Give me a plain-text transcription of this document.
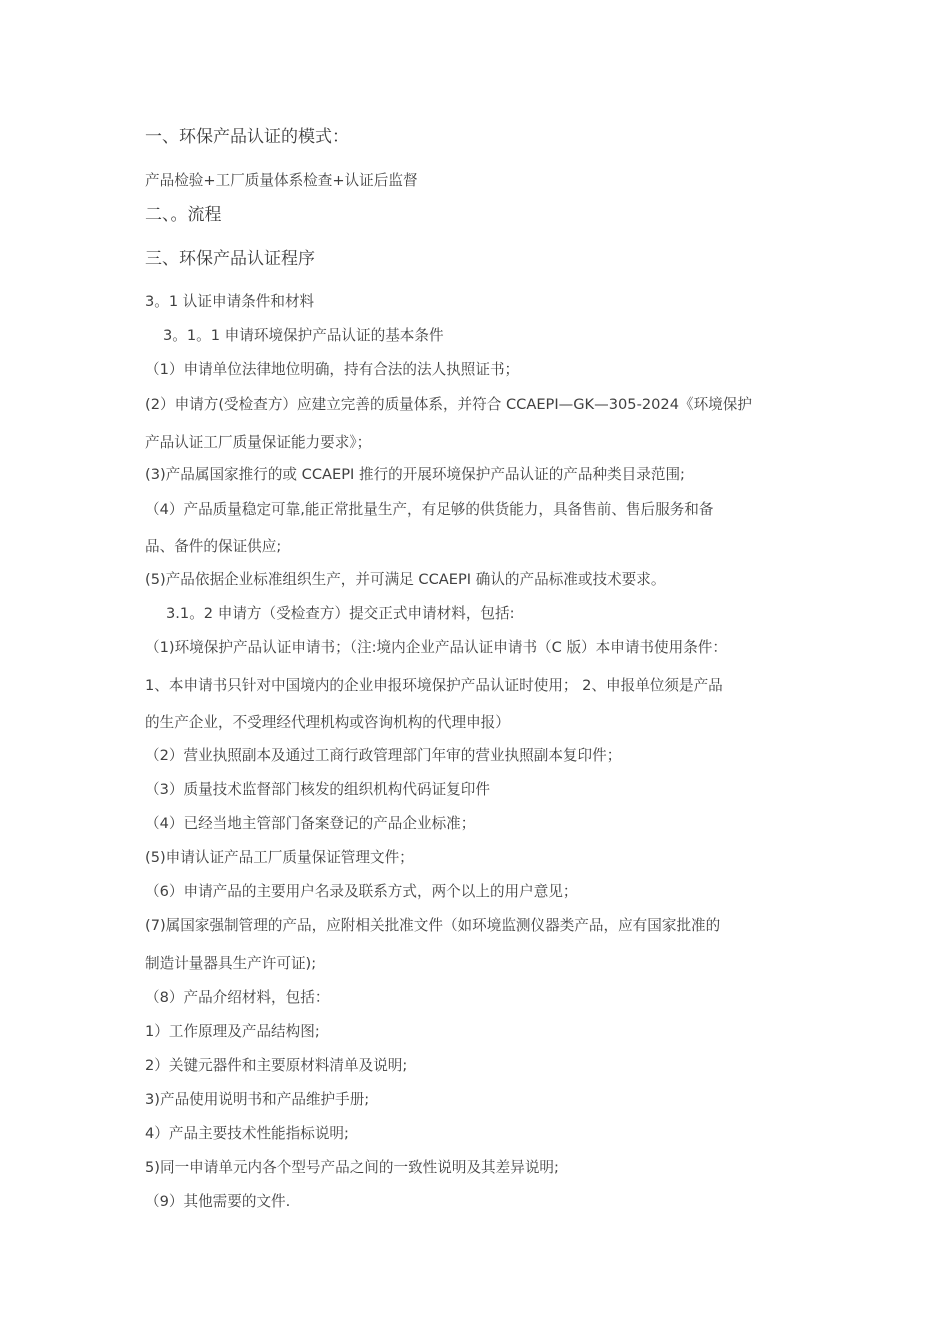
一、环保产品认证的模式：
产品检验+工厂质量体系检查+认证后监督
二、。流程
三、环保产品认证程序
3。1 认证申请条件和材料
3。1。1 申请环境保护产品认证的基本条件
（1）申请单位法律地位明确，持有合法的法人执照证书；
(2）申请方(受检查方）应建立完善的质量体系，并符合 CCAEPI—GK—305-2024《环境保护
产品认证工厂质量保证能力要求》；
(3)产品属国家推行的或 CCAEPI 推行的开展环境保护产品认证的产品种类目录范围;
（4）产品质量稳定可靠,能正常批量生产，有足够的供货能力，具备售前、售后服务和备
品、备件的保证供应;
(5)产品依据企业标准组织生产，并可满足 CCAEPI 确认的产品标准或技术要求。
3.1。2 申请方（受检查方）提交正式申请材料，包括:
（1)环境保护产品认证申请书；（注:境内企业产品认证申请书（C 版）本申请书使用条件：
1、本申请书只针对中国境内的企业申报环境保护产品认证时使用； 2、申报单位须是产品
的生产企业，不受理经代理机构或咨询机构的代理申报）
（2）营业执照副本及通过工商行政管理部门年审的营业执照副本复印件；
（3）质量技术监督部门核发的组织机构代码证复印件
（4）已经当地主管部门备案登记的产品企业标准；
(5)申请认证产品工厂质量保证管理文件；
（6）申请产品的主要用户名录及联系方式，两个以上的用户意见；
(7)属国家强制管理的产品，应附相关批准文件（如环境监测仪器类产品，应有国家批准的
制造计量器具生产许可证);
（8）产品介绍材料，包括：
1）工作原理及产品结构图;
2）关键元器件和主要原材料清单及说明;
3)产品使用说明书和产品维护手册;
4）产品主要技术性能指标说明;
5)同一申请单元内各个型号产品之间的一致性说明及其差异说明;
（9）其他需要的文件.
